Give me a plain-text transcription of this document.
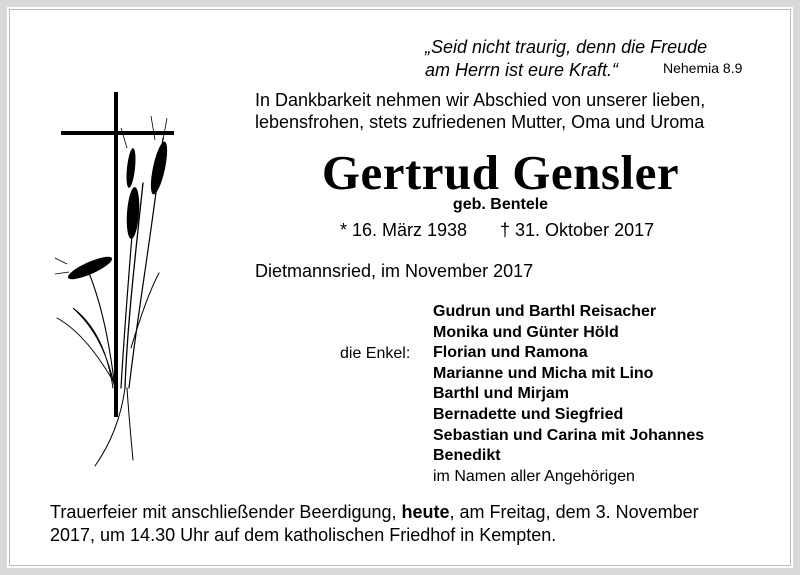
„Seid nicht traurig, denn die Freude
am Herrn ist eure Kraft.“	Nehemia 8.9
In Dankbarkeit nehmen wir Abschied von unserer lieben,
lebensfrohen, stets zufriedenen Mutter, Oma und Uroma
Gertrud Gensler
geb. Bentele
* 16. März 1938 † 31. Oktober 2017
Dietmannsried, im November 2017
die Enkel:
Gudrun und Barthl Reisacher
Monika und Günter Höld
Florian und Ramona
Marianne und Micha mit Lino
Barthl und Mirjam
Bernadette und Siegfried
Sebastian und Carina mit Johannes
Benedikt
im Namen aller Angehörigen
Trauerfeier mit anschließender Beerdigung, heute, am Freitag, dem 3. November
2017, um 14.30 Uhr auf dem katholischen Friedhof in Kempten.
